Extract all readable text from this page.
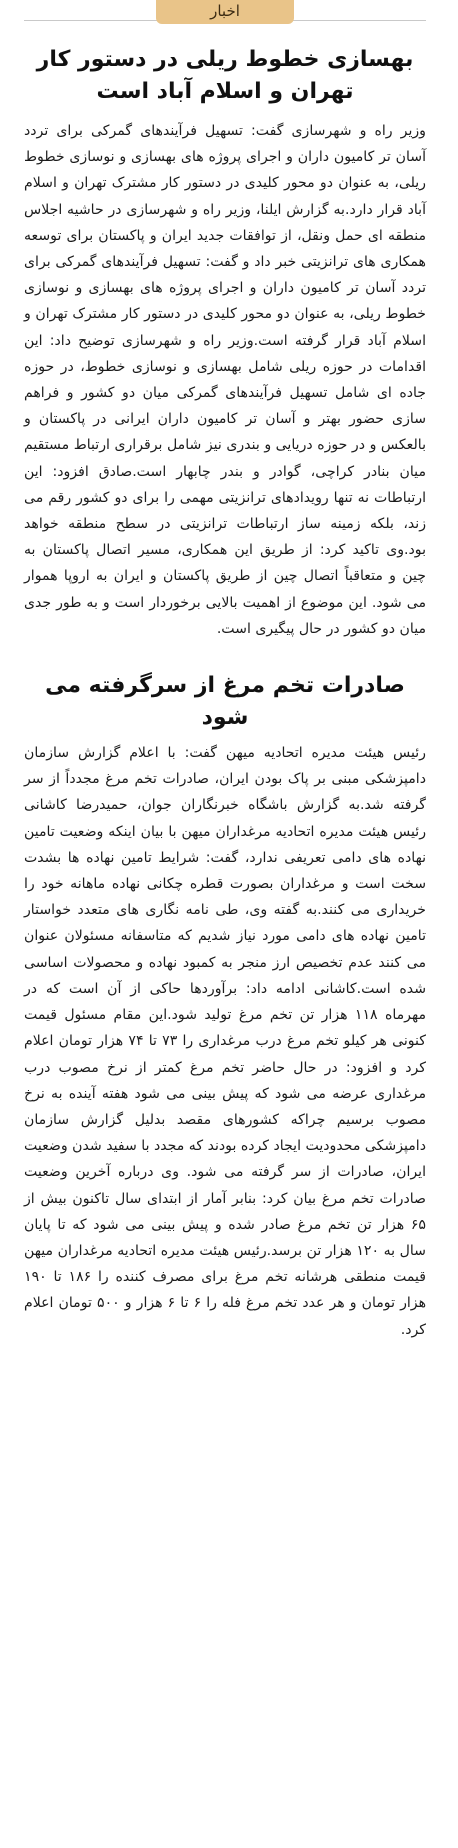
اخبار
بهسازی خطوط ریلی در دستور کار تهران و اسلام آباد است

وزیر راه و شهرسازی گفت: تسهیل فرآیندهای گمرکی برای تردد آسان تر کامیون داران و اجرای پروژه های بهسازی و نوسازی خطوط ریلی، به عنوان دو محور کلیدی در دستور کار مشترک تهران و اسلام آباد قرار دارد.به گزارش ایلنا، وزیر راه و شهرسازی در حاشیه اجلاس منطقه ای حمل ونقل، از توافقات جدید ایران و پاکستان برای توسعه همکاری های ترانزیتی خبر داد و گفت: تسهیل فرآیندهای گمرکی برای تردد آسان تر کامیون داران و اجرای پروژه های بهسازی و نوسازی خطوط ریلی، به عنوان دو محور کلیدی در دستور کار مشترک تهران و اسلام آباد قرار گرفته است.وزیر راه و شهرسازی توضیح داد: این اقدامات در حوزه ریلی شامل بهسازی و نوسازی خطوط، در حوزه جاده ای شامل تسهیل فرآیندهای گمرکی میان دو کشور و فراهم سازی حضور بهتر و آسان تر کامیون داران ایرانی در پاکستان و بالعکس و در حوزه دریایی و بندری نیز شامل برقراری ارتباط مستقیم میان بنادر کراچی، گوادر و بندر چابهار است.صادق افزود: این ارتباطات نه تنها رویدادهای ترانزیتی مهمی را برای دو کشور رقم می زند، بلکه زمینه ساز ارتباطات ترانزیتی در سطح منطقه خواهد بود.وی تاکید کرد: از طریق این همکاری، مسیر اتصال پاکستان به چین و متعاقباً اتصال چین از طریق پاکستان و ایران به اروپا هموار می شود. این موضوع از اهمیت بالایی برخوردار است و به طور جدی میان دو کشور در حال پیگیری است.

صادرات تخم مرغ از سرگرفته می شود

رئیس هیئت مدیره اتحادیه میهن گفت: با اعلام گزارش سازمان دامپزشکی مبنی بر پاک بودن ایران، صادرات تخم مرغ مجدداً از سر گرفته شد.به گزارش باشگاه خبرنگاران جوان، حمیدرضا کاشانی رئیس هیئت مدیره اتحادیه مرغداران میهن با بیان اینکه وضعیت تامین نهاده های دامی تعریفی ندارد، گفت: شرایط تامین نهاده ها بشدت سخت است و مرغداران بصورت قطره چکانی نهاده ماهانه خود را خریداری می کنند.به گفته وی، طی نامه نگاری های متعدد خواستار تامین نهاده های دامی مورد نیاز شدیم که متاسفانه مسئولان عنوان می کنند عدم تخصیص ارز منجر به کمبود نهاده و محصولات اساسی شده است.کاشانی ادامه داد: برآوردها حاکی از آن است که در مهرماه ۱۱۸ هزار تن تخم مرغ تولید شود.این مقام مسئول قیمت کنونی هر کیلو تخم مرغ درب مرغداری را ۷۳ تا ۷۴ هزار تومان اعلام کرد و افزود: در حال حاضر تخم مرغ کمتر از نرخ مصوب درب مرغداری عرضه می شود که پیش بینی می شود هفته آینده به نرخ مصوب برسیم چراکه کشورهای مقصد بدلیل گزارش سازمان دامپزشکی محدودیت ایجاد کرده بودند که مجدد با سفید شدن وضعیت ایران، صادرات از سر گرفته می شود. وی درباره آخرین وضعیت صادرات تخم مرغ بیان کرد: بنابر آمار از ابتدای سال تاکنون بیش از ۶۵ هزار تن تخم مرغ صادر شده و پیش بینی می شود که تا پایان سال به ۱۲۰ هزار تن برسد.رئیس هیئت مدیره اتحادیه مرغداران میهن قیمت منطقی هرشانه تخم مرغ برای مصرف کننده را ۱۸۶ تا ۱۹۰ هزار تومان و هر عدد تخم مرغ فله را ۶ تا ۶ هزار و ۵۰۰ تومان اعلام کرد.
